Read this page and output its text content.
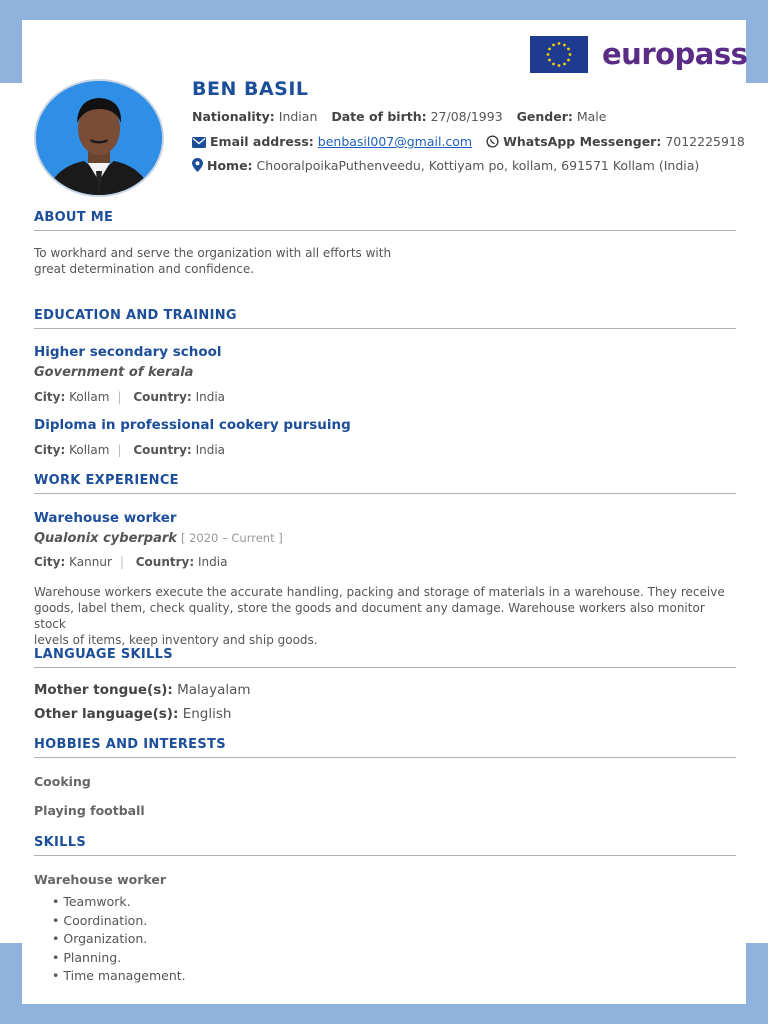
europass
BEN BASIL
Nationality: Indian Date of birth: 27/08/1993 Gender: Male
Email address: benbasil007@gmail.com WhatsApp Messenger: 7012225918
Home: ChooralpoikaPuthenveedu, Kottiyam po, kollam, 691571 Kollam (India)
ABOUT ME
To workhard and serve the organization with all efforts with
great determination and confidence.
EDUCATION AND TRAINING
Higher secondary school
Government of kerala
City: Kollam | Country: India
Diploma in professional cookery pursuing
City: Kollam | Country: India
WORK EXPERIENCE
Warehouse worker
Qualonix cyberpark [ 2020 – Current ]
City: Kannur | Country: India
Warehouse workers execute the accurate handling, packing and storage of materials in a warehouse. They receive
goods, label them, check quality, store the goods and document any damage. Warehouse workers also monitor stock
levels of items, keep inventory and ship goods.
LANGUAGE SKILLS
Mother tongue(s): Malayalam
Other language(s): English
HOBBIES AND INTERESTS
Cooking
Playing football
SKILLS
Warehouse worker
• Teamwork.
• Coordination.
• Organization.
• Planning.
• Time management.
